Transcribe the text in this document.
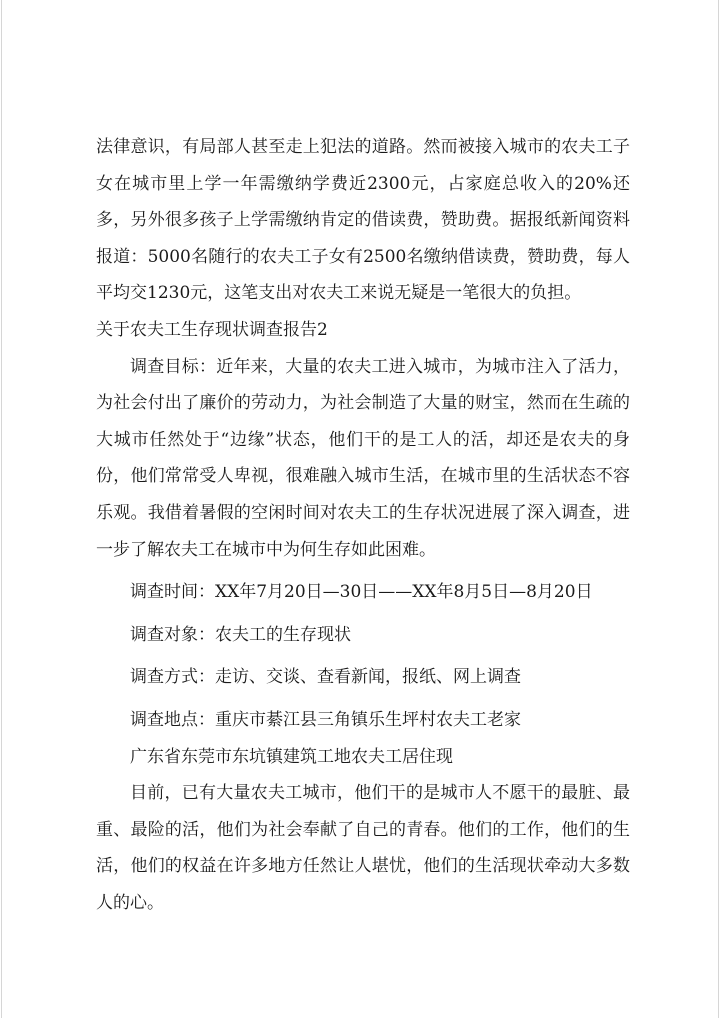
法律意识，有局部人甚至走上犯法的道路。然而被接入城市的农夫工子女在城市里上学一年需缴纳学费近2300元，占家庭总收入的20%还多，另外很多孩子上学需缴纳肯定的借读费，赞助费。据报纸新闻资料报道：5000名随行的农夫工子女有2500名缴纳借读费，赞助费，每人平均交1230元，这笔支出对农夫工来说无疑是一笔很大的负担。

关于农夫工生存现状调查报告2

调查目标：近年来，大量的农夫工进入城市，为城市注入了活力，为社会付出了廉价的劳动力，为社会制造了大量的财宝，然而在生疏的大城市任然处于“边缘”状态，他们干的是工人的活，却还是农夫的身份，他们常常受人卑视，很难融入城市生活，在城市里的生活状态不容乐观。我借着暑假的空闲时间对农夫工的生存状况进展了深入调查，进一步了解农夫工在城市中为何生存如此困难。

调查时间：XX年7月20日—30日——XX年8月5日—8月20日

调查对象：农夫工的生存现状

调查方式：走访、交谈、查看新闻，报纸、网上调查

调查地点：重庆市綦江县三角镇乐生坪村农夫工老家

广东省东莞市东坑镇建筑工地农夫工居住现

目前，已有大量农夫工城市，他们干的是城市人不愿干的最脏、最重、最险的活，他们为社会奉献了自己的青春。他们的工作，他们的生活，他们的权益在许多地方任然让人堪忧，他们的生活现状牵动大多数人的心。
